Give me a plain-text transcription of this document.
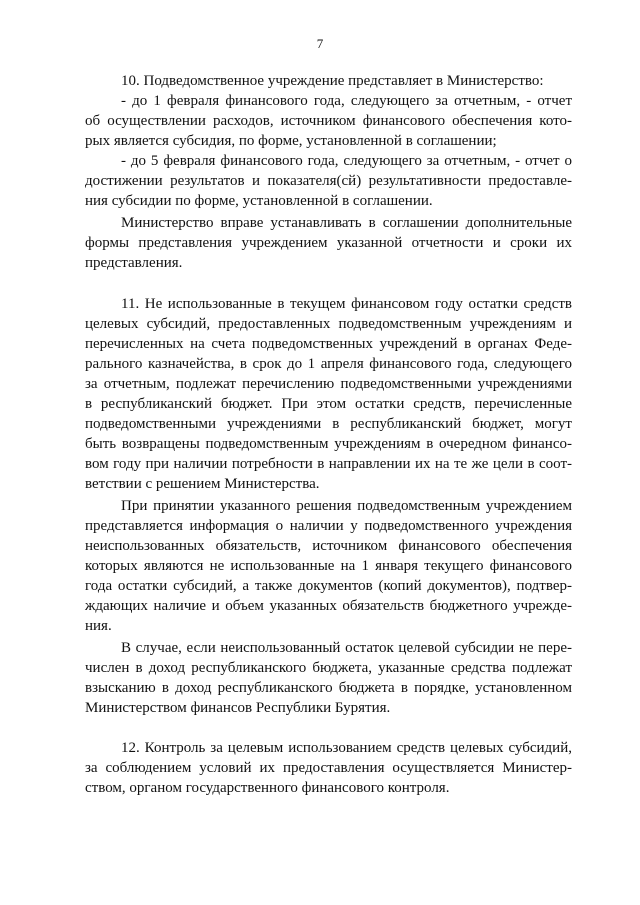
7
10. Подведомственное учреждение представляет в Министерство:
- до 1 февраля финансового года, следующего за отчетным, - отчет
об осуществлении расходов, источником финансового обеспечения кото-
рых является субсидия, по форме, установленной в соглашении;
- до 5 февраля финансового года, следующего за отчетным, - отчет о
достижении результатов и показателя(сй) результативности предоставле-
ния субсидии по форме, установленной в соглашении.
Министерство вправе устанавливать в соглашении дополнительные
формы представления учреждением указанной отчетности и сроки их
представления.
11. Не использованные в текущем финансовом году остатки средств
целевых субсидий, предоставленных подведомственным учреждениям и
перечисленных на счета подведомственных учреждений в органах Феде-
рального казначейства, в срок до 1 апреля финансового года, следующего
за отчетным, подлежат перечислению подведомственными учреждениями
в республиканский бюджет. При этом остатки средств, перечисленные
подведомственными учреждениями в республиканский бюджет, могут
быть возвращены подведомственным учреждениям в очередном финансо-
вом году при наличии потребности в направлении их на те же цели в соот-
ветствии с решением Министерства.
При принятии указанного решения подведомственным учреждением
представляется информация о наличии у подведомственного учреждения
неиспользованных обязательств, источником финансового обеспечения
которых являются не использованные на 1 января текущего финансового
года остатки субсидий, а также документов (копий документов), подтвер-
ждающих наличие и объем указанных обязательств бюджетного учрежде-
ния.
В случае, если неиспользованный остаток целевой субсидии не пере-
числен в доход республиканского бюджета, указанные средства подлежат
взысканию в доход республиканского бюджета в порядке, установленном
Министерством финансов Республики Бурятия.
12. Контроль за целевым использованием средств целевых субсидий,
за соблюдением условий их предоставления осуществляется Министер-
ством, органом государственного финансового контроля.
